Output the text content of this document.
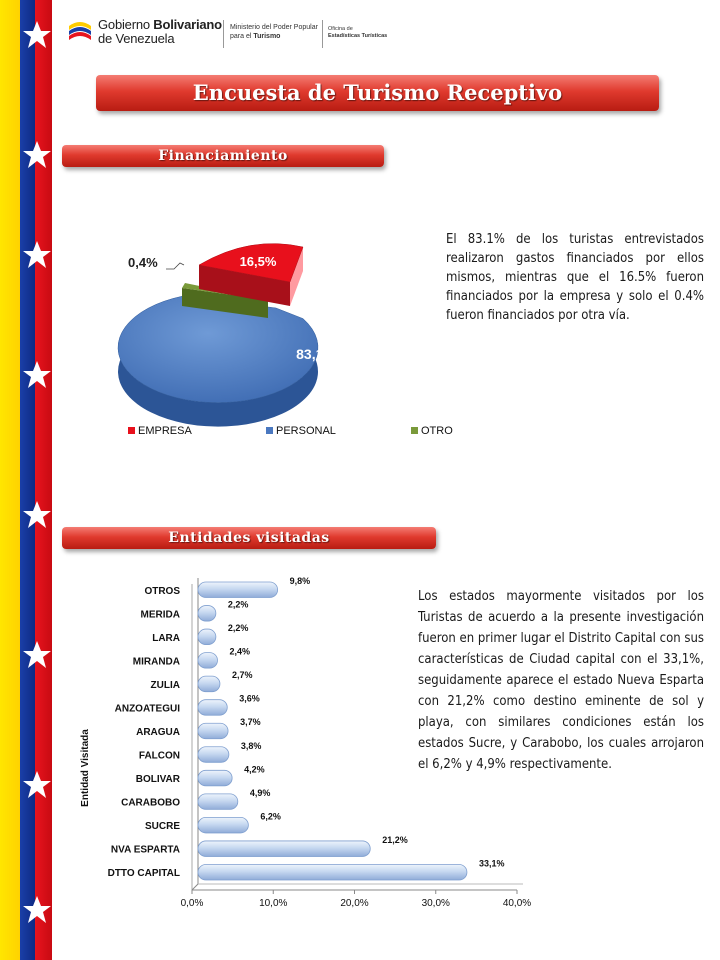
Gobierno Bolivariano
de Venezuela
Ministerio del Poder Popular
para el Turismo
Oficina de
Estadísticas Turísticas
Encuesta de Turismo Receptivo
Financiamiento
16,5%
83,1%
0,4%
EMPRESA	PERSONAL	OTRO
El 83.1% de los turistas entrevistados realizaron gastos financiados por ellos mismos, mientras que el 16.5% fueron financiados por la empresa y solo el 0.4% fueron financiados por otra vía.
Entidades visitadas
0,0%	10,0%	20,0%	30,0%	40,0%
OTROS
9,8%
MERIDA
2,2%
LARA
2,2%
MIRANDA
2,4%
ZULIA
2,7%
ANZOATEGUI
3,6%
ARAGUA
3,7%
FALCON
3,8%
BOLIVAR
4,2%
CARABOBO
4,9%
SUCRE
6,2%
NVA ESPARTA
21,2%
DTTO CAPITAL
33,1%
Entidad Visitada
Los estados mayormente visitados por los Turistas de acuerdo a la presente investigación fueron en primer lugar el Distrito Capital con sus características de Ciudad capital con el 33,1%, seguidamente aparece el estado Nueva Esparta con 21,2% como destino eminente de sol y playa, con similares condiciones están los estados Sucre, y Carabobo, los cuales arrojaron el 6,2% y 4,9% respectivamente.
